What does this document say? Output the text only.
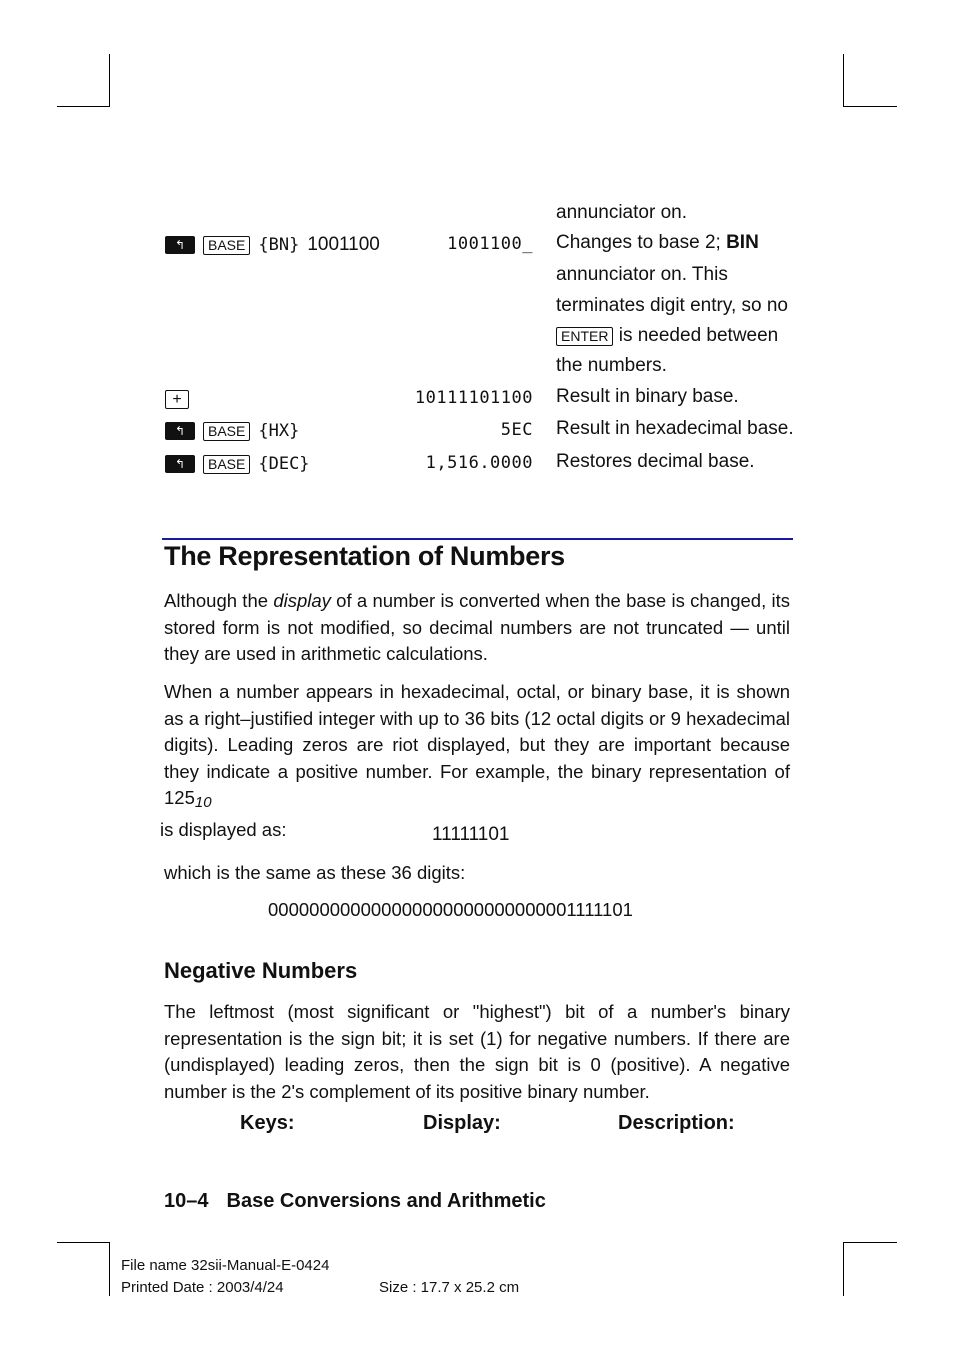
annunciator on.
↰	BASE {BN} 1001100	1001100_ Changes to base 2; BIN
annunciator on. This
terminates digit entry, so no
ENTER is needed between
the numbers.
+	10111101100 Result in binary base.
↰	BASE {HX}	5EC Result in hexadecimal base.
↰	BASE {DEC}	1,516.0000 Restores decimal base.
The Representation of Numbers

Although the display of a number is converted when the base is changed, its stored form is not modified, so decimal numbers are not truncated — until they are used in arithmetic calculations.

When a number appears in hexadecimal, octal, or binary base, it is shown as a right–justified integer with up to 36 bits (12 octal digits or 9 hexadecimal digits). Leading zeros are riot displayed, but they are important because they indicate a positive number. For example, the binary representation of 12510
is displayed as:	11111101
which is the same as these 36 digits:
000000000000000000000000000001111101
Negative Numbers

The leftmost (most significant or "highest") bit of a number's binary representation is the sign bit; it is set (1) for negative numbers. If there are (undisplayed) leading zeros, then the sign bit is 0 (positive). A negative number is the 2's complement of its positive binary number.

Keys:	Display:	Description:
10–4 Base Conversions and Arithmetic
File name 32sii-Manual-E-0424
Printed Date : 2003/4/24	Size : 17.7 x 25.2 cm
